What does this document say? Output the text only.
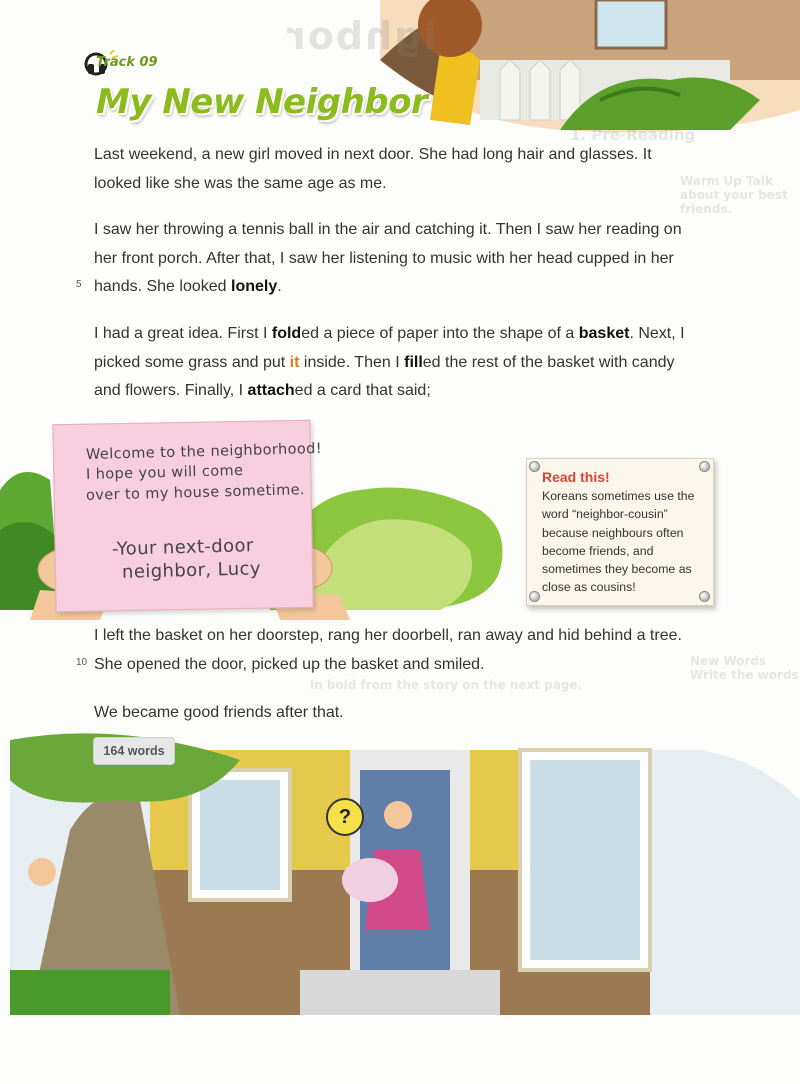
ighbor
1. Pre-Reading
Warm Up Talk about your best friends.
New Words Write the words
in bold from the story on the next page.
Track 09
My New Neighbor
Last weekend, a new girl moved in next door. She had long hair and glasses. It
looked like she was the same age as me.
I saw her throwing a tennis ball in the air and catching it. Then I saw her reading on
her front porch. After that, I saw her listening to music with her head cupped in her
hands. She looked lonely.
5
I had a great idea. First I folded a piece of paper into the shape of a basket. Next, I
picked some grass and put it inside. Then I filled the rest of the basket with candy
and flowers. Finally, I attached a card that said;
Welcome to the neighborhood!
I hope you will come
over to my house sometime.
-Your next-door
neighbor, Lucy
Read this!
Koreans sometimes use the word “neighbor-cousin” because neighbours often become friends, and sometimes they become as close as cousins!
I left the basket on her doorstep, rang her doorbell, ran away and hid behind a tree.
She opened the door, picked up the basket and smiled.
10
We became good friends after that.
164 words
?
